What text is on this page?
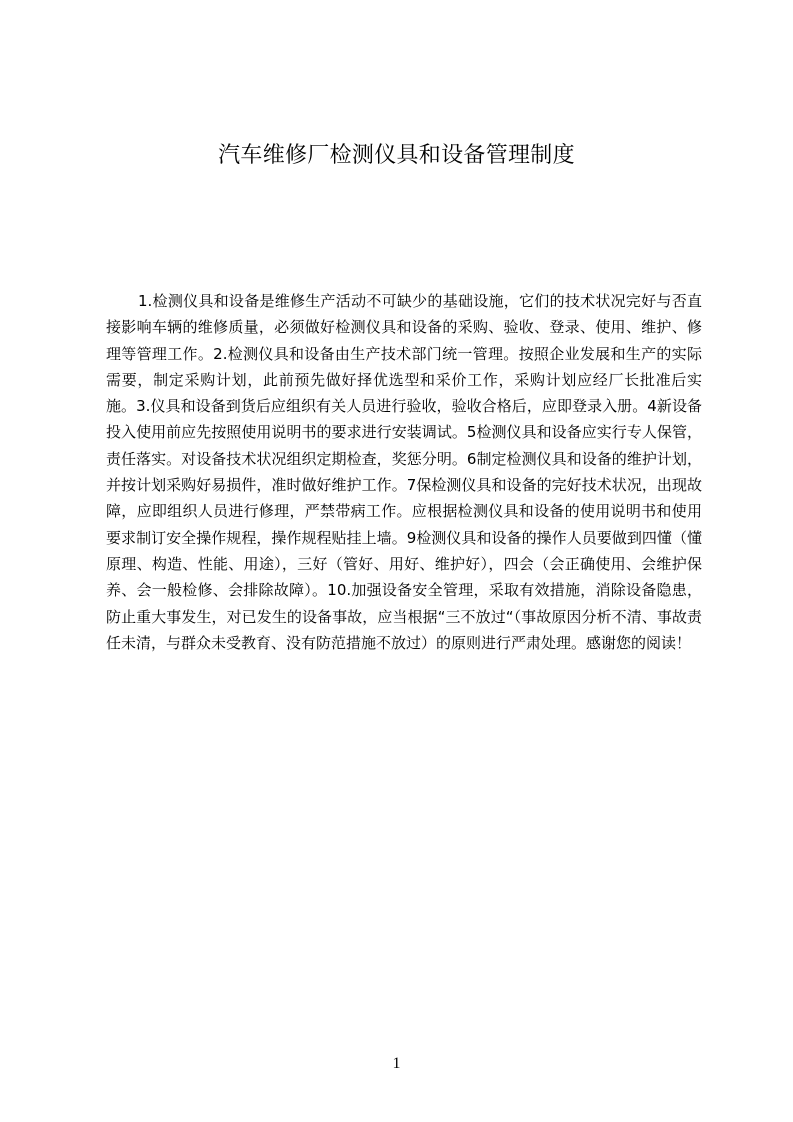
汽车维修厂检测仪具和设备管理制度

1.检测仪具和设备是维修生产活动不可缺少的基础设施，它们的技术状况完好与否直接影响车辆的维修质量，必须做好检测仪具和设备的采购、验收、登录、使用、维护、修理等管理工作。2.检测仪具和设备由生产技术部门统一管理。按照企业发展和生产的实际需要，制定采购计划，此前预先做好择优选型和采价工作，采购计划应经厂长批准后实施。3.仪具和设备到货后应组织有关人员进行验收，验收合格后，应即登录入册。4新设备投入使用前应先按照使用说明书的要求进行安装调试。5检测仪具和设备应实行专人保管，责任落实。对设备技术状况组织定期检查，奖惩分明。6制定检测仪具和设备的维护计划，并按计划采购好易损件，准时做好维护工作。7保检测仪具和设备的完好技术状况，出现故障，应即组织人员进行修理，严禁带病工作。应根据检测仪具和设备的使用说明书和使用要求制订安全操作规程，操作规程贴挂上墙。9检测仪具和设备的操作人员要做到四懂（懂原理、构造、性能、用途），三好（管好、用好、维护好），四会（会正确使用、会维护保养、会一般检修、会排除故障）。10.加强设备安全管理，采取有效措施，消除设备隐患，防止重大事发生，对已发生的设备事故，应当根据“三不放过“（事故原因分析不清、事故责任未清，与群众未受教育、没有防范措施不放过）的原则进行严肃处理。感谢您的阅读！

1
